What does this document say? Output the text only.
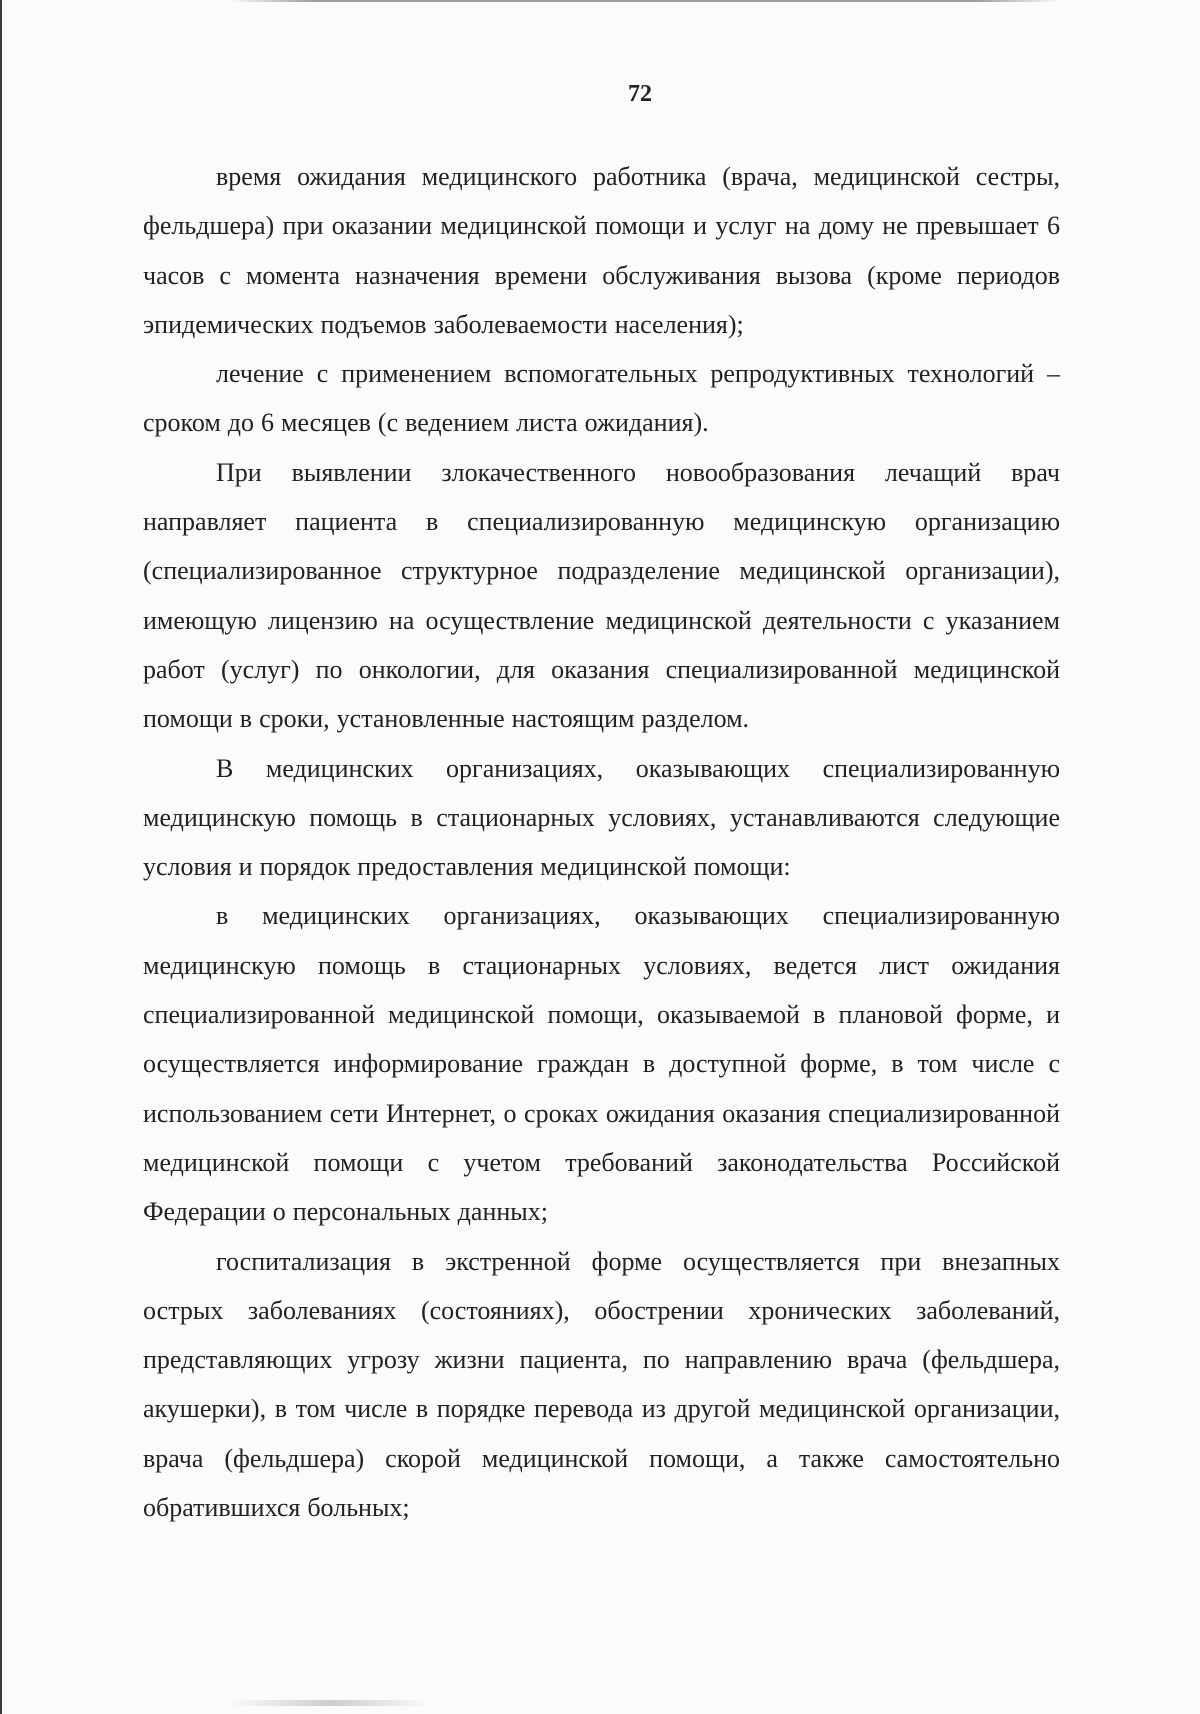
72

время ожидания медицинского работника (врача, медицинской сестры, фельдшера) при оказании медицинской помощи и услуг на дому не превышает 6 часов с момента назначения времени обслуживания вызова (кроме периодов эпидемических подъемов заболеваемости населения);

лечение с применением вспомогательных репродуктивных технологий – сроком до 6 месяцев (с ведением листа ожидания).

При выявлении злокачественного новообразования лечащий врач направляет пациента в специализированную медицинскую организацию (специализированное структурное подразделение медицинской организации), имеющую лицензию на осуществление медицинской деятельности с указанием работ (услуг) по онкологии, для оказания специализированной медицинской помощи в сроки, установленные настоящим разделом.

В медицинских организациях, оказывающих специализированную медицинскую помощь в стационарных условиях, устанавливаются следующие условия и порядок предоставления медицинской помощи:

в медицинских организациях, оказывающих специализированную медицинскую помощь в стационарных условиях, ведется лист ожидания специализированной медицинской помощи, оказываемой в плановой форме, и осуществляется информирование граждан в доступной форме, в том числе с использованием сети Интернет, о сроках ожидания оказания специализированной медицинской помощи с учетом требований законодательства Российской Федерации о персональных данных;

госпитализация в экстренной форме осуществляется при внезапных острых заболеваниях (состояниях), обострении хронических заболеваний, представляющих угрозу жизни пациента, по направлению врача (фельдшера, акушерки), в том числе в порядке перевода из другой медицинской организации, врача (фельдшера) скорой медицинской помощи, а также самостоятельно обратившихся больных;
